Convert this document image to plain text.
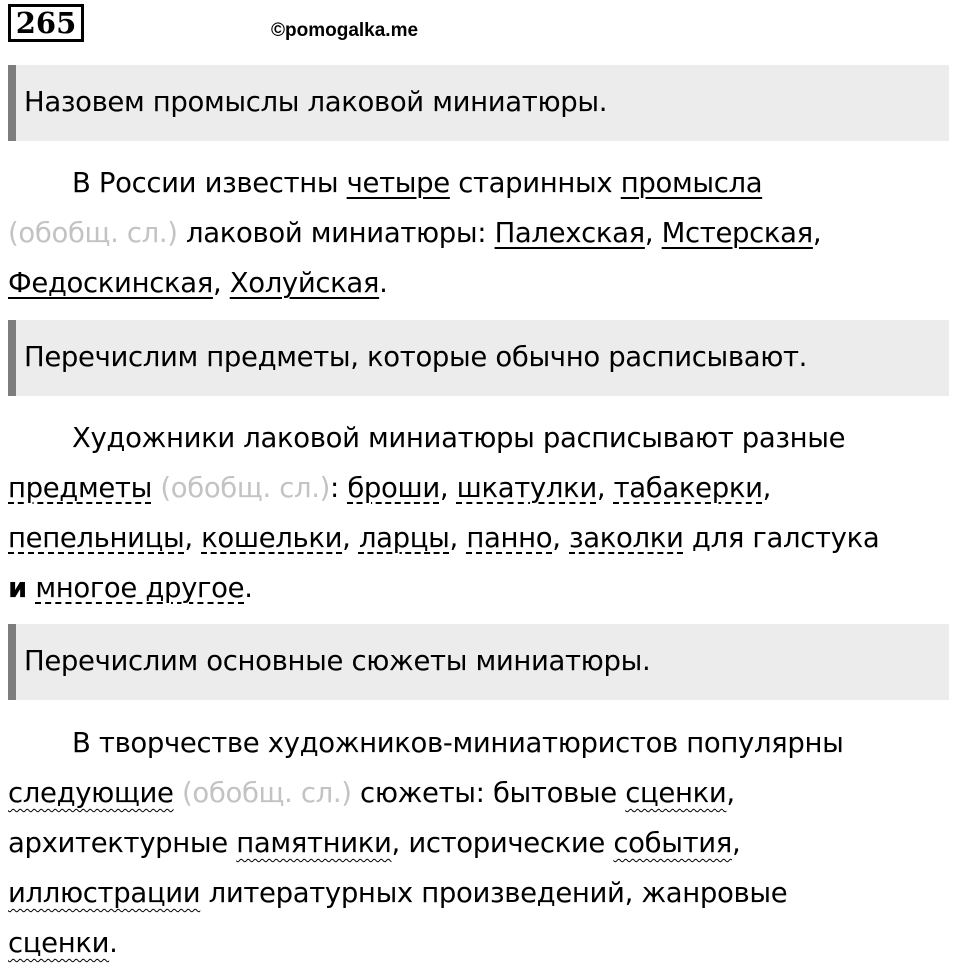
265	©pomogalka.me
Назовем промыслы лаковой миниатюры.
В России известны четыре старинных промысла
(обобщ. сл.) лаковой миниатюры: Палехская, Мстерская,
Федоскинская, Холуйская.
Перечислим предметы, которые обычно расписывают.
Художники лаковой миниатюры расписывают разные
предметы (обобщ. сл.): броши, шкатулки, табакерки,
пепельницы, кошельки, ларцы, панно, заколки для галстука
и многое другое.
Перечислим основные сюжеты миниатюры.
В творчестве художников-миниатюристов популярны
следующие (обобщ. сл.) сюжеты: бытовые сценки,
архитектурные памятники, исторические события,
иллюстрации литературных произведений, жанровые
сценки.
